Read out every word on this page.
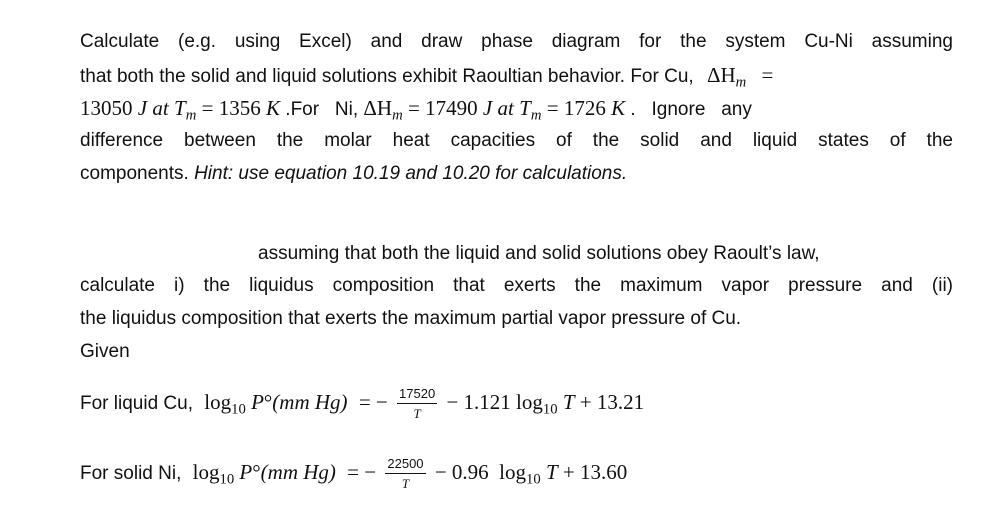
Calculate (e.g. using Excel) and draw phase diagram for the system Cu-Ni assuming
that both the solid and liquid solutions exhibit Raoultian behavior. For Cu, $\Delta H_m$ =
13050 J at $T_m = 1356$ K .For   Ni, $\Delta H_m = 17490$ J at $T_m = 1726$ K .   Ignore   any
difference between the molar heat capacities of the solid and liquid states of the
components. Hint: use equation 10.19 and 10.20 for calculations.
assuming that both the liquid and solid solutions obey Raoult’s law,
calculate i) the liquidus composition that exerts the maximum vapor pressure and (ii)
the liquidus composition that exerts the maximum partial vapor pressure of Cu.
Given
For liquid Cu, $\log_{10} P^\circ(mm$ Hg) = − $\frac{17520}{T} - 1.121$ $\log_{10} T + 13.21$
For solid Ni, $\log_{10} P^\circ(mm$ Hg) = − $\frac{22500}{T} - 0.96$  $\log_{10} T + 13.60$
